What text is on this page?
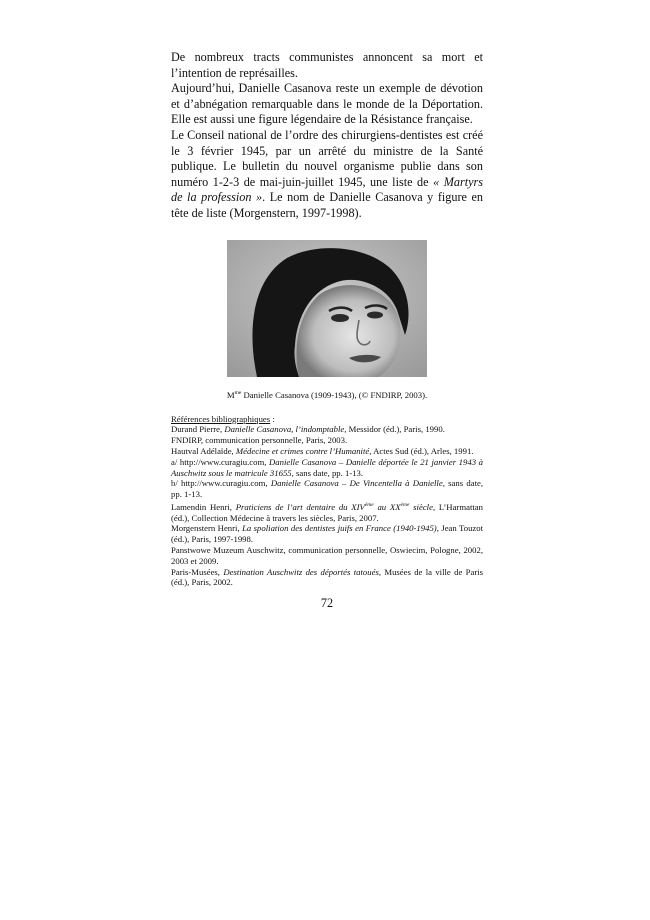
De nombreux tracts communistes annoncent sa mort et l’intention de représailles.

Aujourd’hui, Danielle Casanova reste un exemple de dévotion et d’abnégation remarquable dans le monde de la Déportation. Elle est aussi une figure légendaire de la Résistance française.

Le Conseil national de l’ordre des chirurgiens-dentistes est créé le 3 février 1945, par un arrêté du ministre de la Santé publique. Le bulletin du nouvel organisme publie dans son numéro 1-2-3 de mai-juin-juillet 1945, une liste de « Martyrs de la profession ». Le nom de Danielle Casanova y figure en tête de liste (Morgenstern, 1997-1998).

$M^{me}$ Danielle Casanova (1909-1943), (© FNDIRP, 2003).

Références bibliographiques :

Durand Pierre, Danielle Casanova, l’indomptable, Messidor (éd.), Paris, 1990.

FNDIRP, communication personnelle, Paris, 2003.

Hautval Adélaïde, Médecine et crimes contre l’Humanité, Actes Sud (éd.), Arles, 1991.

a/ http://www.curagiu.com, Danielle Casanova – Danielle déportée le 21 janvier 1943 à Auschwitz sous le matricule 31655, sans date, pp. 1-13.

b/ http://www.curagiu.com, Danielle Casanova – De Vincentella à Danielle, sans date, pp. 1-13.

Lamendin Henri, Praticiens de l’art dentaire du XIVème au XXème siècle, L’Harmattan (éd.), Collection Médecine à travers les siècles, Paris, 2007.

Morgenstern Henri, La spoliation des dentistes juifs en France (1940-1945), Jean Touzot (éd.), Paris, 1997-1998.

Panstwowe Muzeum Auschwitz, communication personnelle, Oswiecim, Pologne, 2002, 2003 et 2009.

Paris-Musées, Destination Auschwitz des déportés tatoués, Musées de la ville de Paris (éd.), Paris, 2002.

72
